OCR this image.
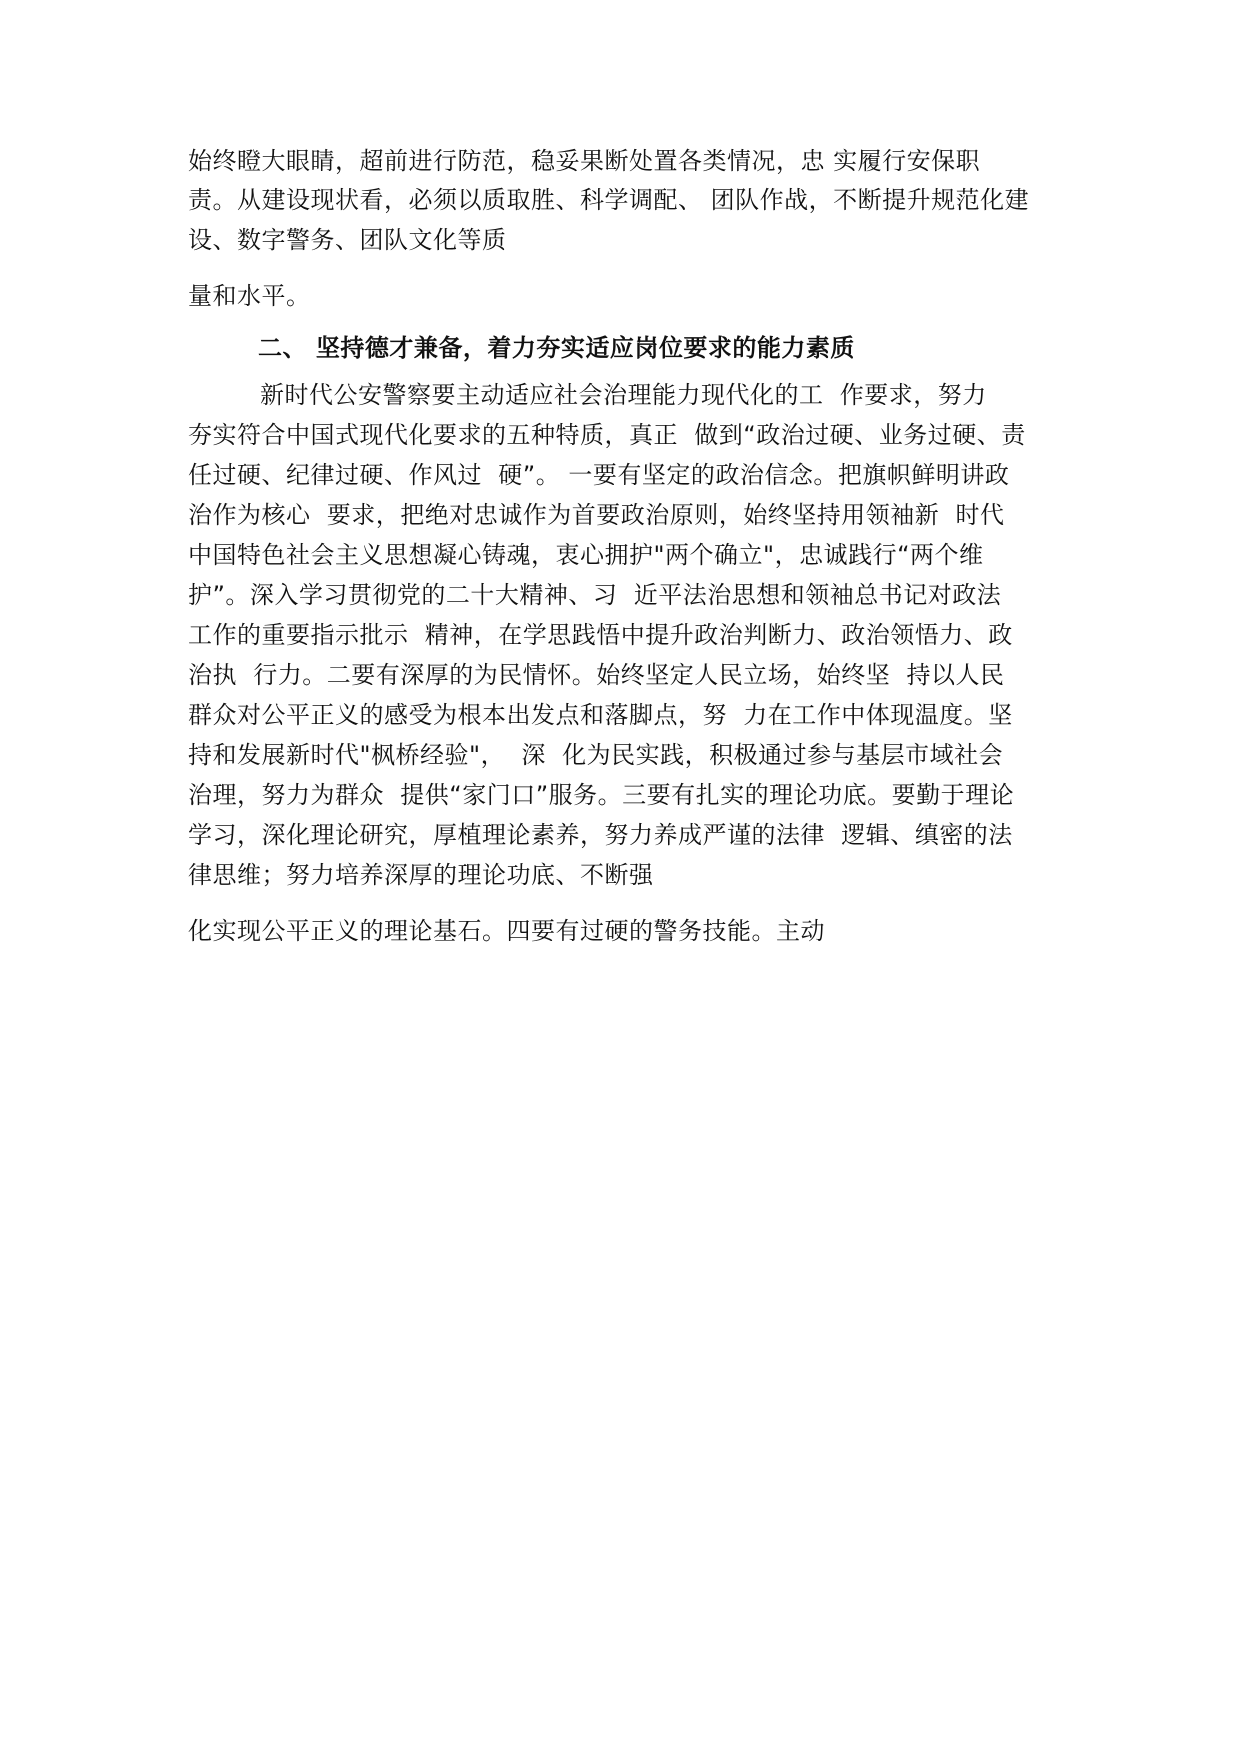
始终瞪大眼睛，超前进行防范，稳妥果断处置各类情况，忠 实履行安保职
责。从建设现状看，必须以质取胜、科学调配、 团队作战，不断提升规范化建
设、数字警务、团队文化等质
量和水平。
二、 坚持德才兼备，着力夯实适应岗位要求的能力素质
新时代公安警察要主动适应社会治理能力现代化的工  作要求，努力
夯实符合中国式现代化要求的五种特质，真正  做到“政治过硬、业务过硬、责
任过硬、纪律过硬、作风过  硬”。 一要有坚定的政治信念。把旗帜鲜明讲政
治作为核心  要求，把绝对忠诚作为首要政治原则，始终坚持用领袖新  时代
中国特色社会主义思想凝心铸魂，衷心拥护"两个确立"，忠诚践行“两个维
护”。深入学习贯彻党的二十大精神、习  近平法治思想和领袖总书记对政法
工作的重要指示批示  精神，在学思践悟中提升政治判断力、政治领悟力、政
治执  行力。二要有深厚的为民情怀。始终坚定人民立场，始终坚  持以人民
群众对公平正义的感受为根本出发点和落脚点，努  力在工作中体现温度。坚
持和发展新时代"枫桥经验"，  深  化为民实践，积极通过参与基层市域社会
治理，努力为群众  提供“家门口”服务。三要有扎实的理论功底。要勤于理论
学习，深化理论研究，厚植理论素养，努力养成严谨的法律  逻辑、缜密的法
律思维；努力培养深厚的理论功底、不断强
化实现公平正义的理论基石。四要有过硬的警务技能。主动
